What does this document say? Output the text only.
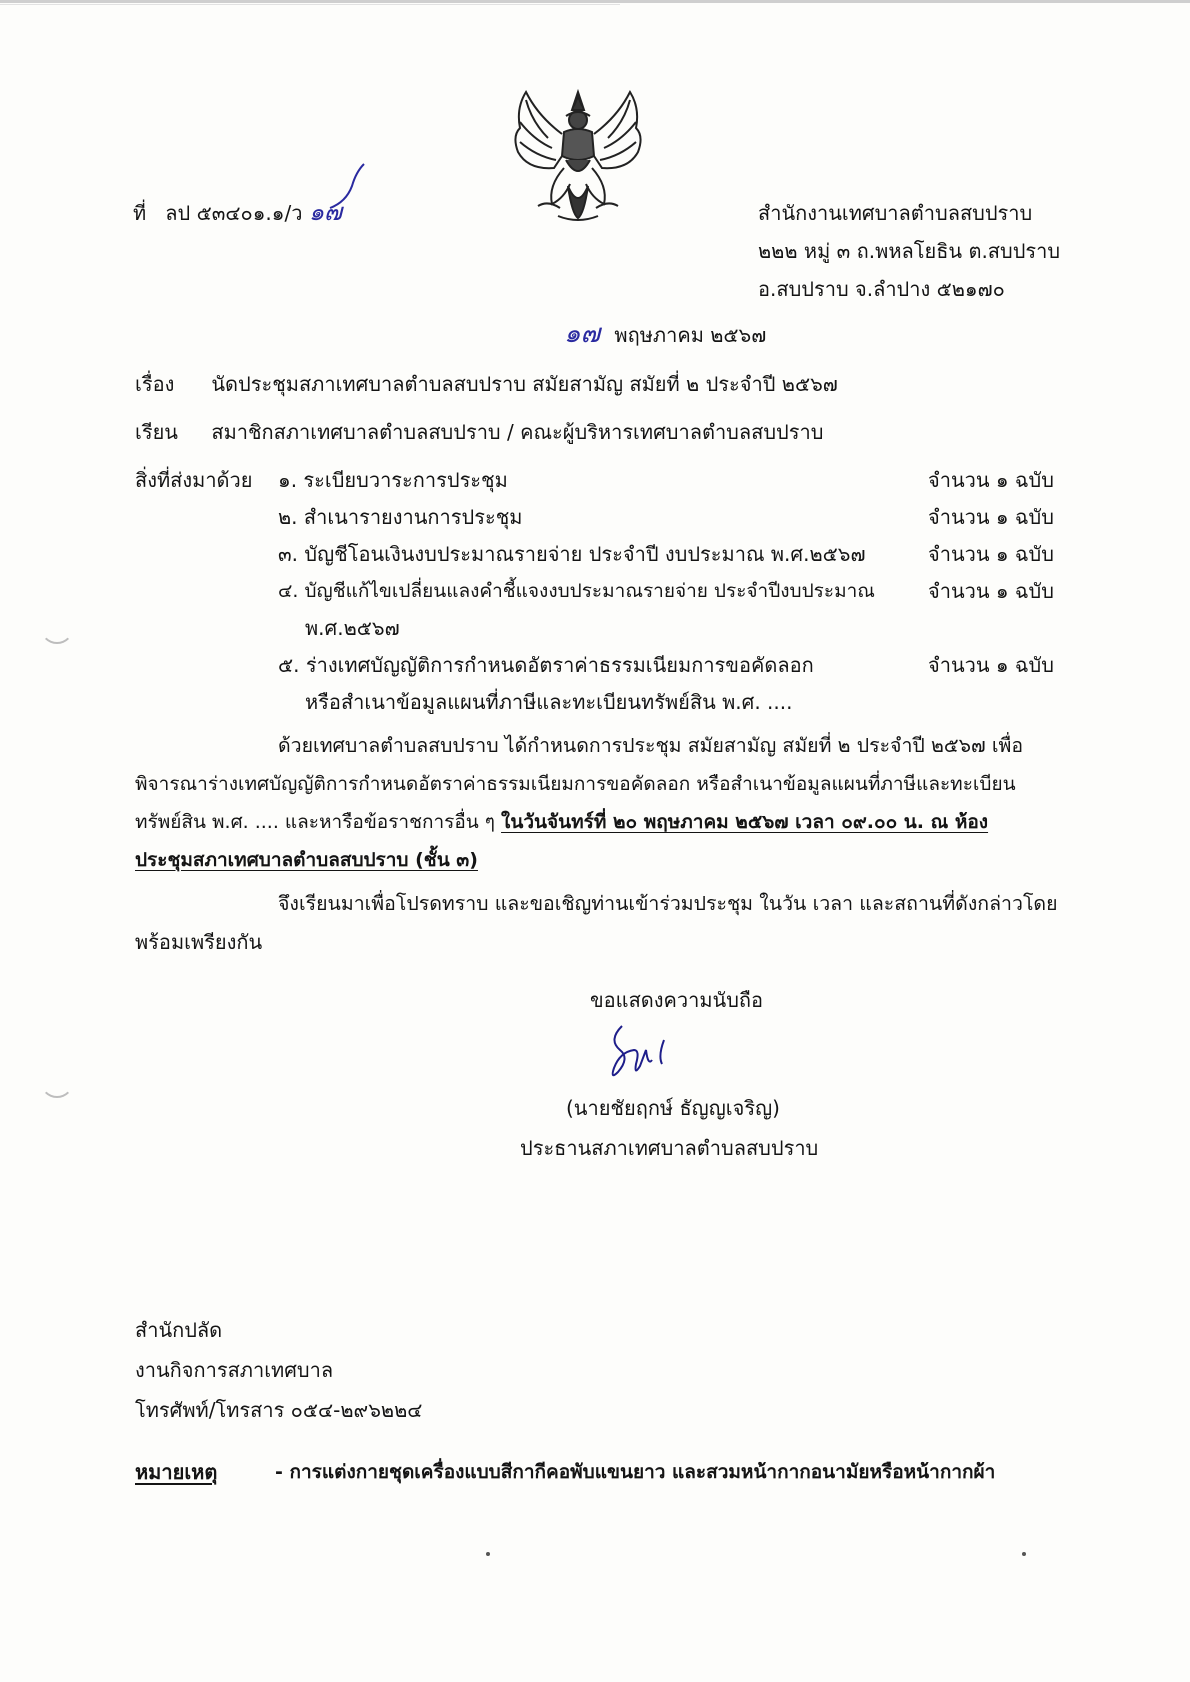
ที่ ลป ๕๓๔๐๑.๑/ว ๑๗	สำนักงานเทศบาลตำบลสบปราบ
๒๒๒ หมู่ ๓ ถ.พหลโยธิน ต.สบปราบ
อ.สบปราบ จ.ลำปาง ๕๒๑๗๐
๑๗ พฤษภาคม ๒๕๖๗
เรื่อง นัดประชุมสภาเทศบาลตำบลสบปราบ สมัยสามัญ สมัยที่ ๒ ประจำปี ๒๕๖๗
เรียน สมาชิกสภาเทศบาลตำบลสบปราบ / คณะผู้บริหารเทศบาลตำบลสบปราบ
สิ่งที่ส่งมาด้วย ๑. ระเบียบวาระการประชุม	จำนวน ๑ ฉบับ
๒. สำเนารายงานการประชุม	จำนวน ๑ ฉบับ
๓. บัญชีโอนเงินงบประมาณรายจ่าย ประจำปี งบประมาณ พ.ศ.๒๕๖๗	จำนวน ๑ ฉบับ
๔. บัญชีแก้ไขเปลี่ยนแลงคำชี้แจงงบประมาณรายจ่าย ประจำปีงบประมาณ	จำนวน ๑ ฉบับ
พ.ศ.๒๕๖๗
๕. ร่างเทศบัญญัติการกำหนดอัตราค่าธรรมเนียมการขอคัดลอก	จำนวน ๑ ฉบับ
หรือสำเนาข้อมูลแผนที่ภาษีและทะเบียนทรัพย์สิน พ.ศ. ....
ด้วยเทศบาลตำบลสบปราบ ได้กำหนดการประชุม สมัยสามัญ สมัยที่ ๒ ประจำปี ๒๕๖๗ เพื่อ
พิจารณาร่างเทศบัญญัติการกำหนดอัตราค่าธรรมเนียมการขอคัดลอก หรือสำเนาข้อมูลแผนที่ภาษีและทะเบียน
ทรัพย์สิน พ.ศ. .... และหารือข้อราชการอื่น ๆ ในวันจันทร์ที่ ๒๐ พฤษภาคม ๒๕๖๗ เวลา ๐๙.๐๐ น. ณ ห้อง
ประชุมสภาเทศบาลตำบลสบปราบ (ชั้น ๓)
จึงเรียนมาเพื่อโปรดทราบ และขอเชิญท่านเข้าร่วมประชุม ในวัน เวลา และสถานที่ดังกล่าวโดย
พร้อมเพรียงกัน
ขอแสดงความนับถือ
(นายชัยฤกษ์ ธัญญเจริญ)
ประธานสภาเทศบาลตำบลสบปราบ
สำนักปลัด
งานกิจการสภาเทศบาล
โทรศัพท์/โทรสาร ๐๕๔-๒๙๖๒๒๔
หมายเหตุ	- การแต่งกายชุดเครื่องแบบสีกากีคอพับแขนยาว และสวมหน้ากากอนามัยหรือหน้ากากผ้า
